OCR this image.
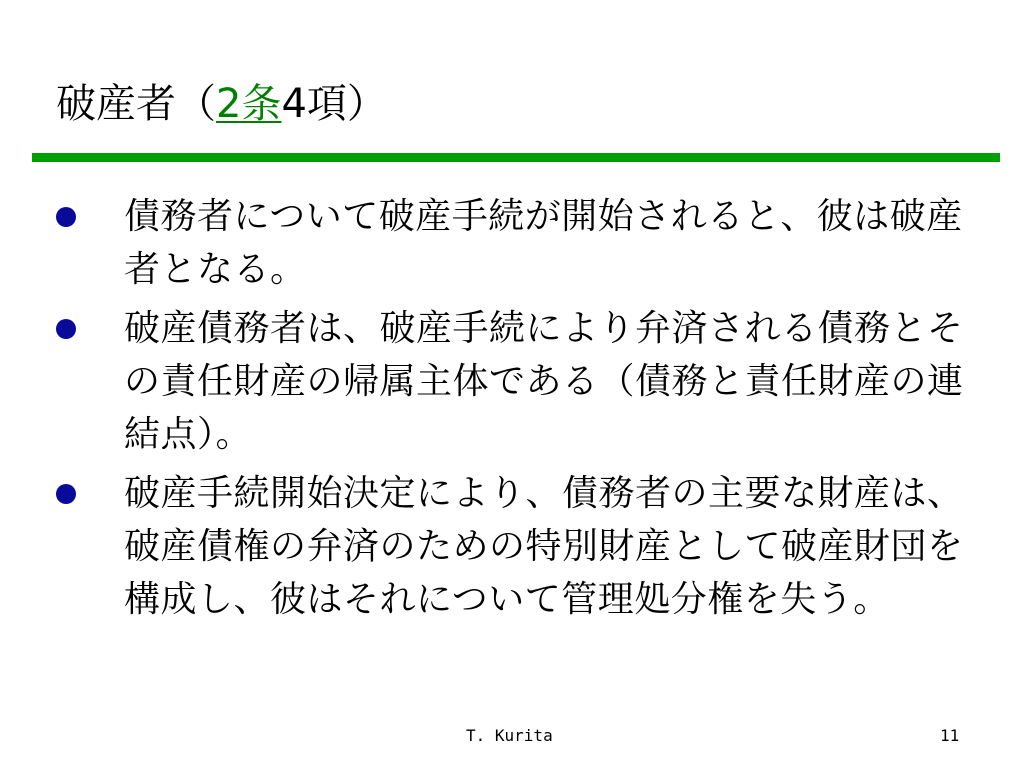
破産者（2条4項）
債務者について破産手続が開始されると、彼は破産者となる。
破産債務者は、破産手続により弁済される債務とその責任財産の帰属主体である（債務と責任財産の連結点）。
破産手続開始決定により、債務者の主要な財産は、破産債権の弁済のための特別財産として破産財団を構成し、彼はそれについて管理処分権を失う。
T. Kurita	11
